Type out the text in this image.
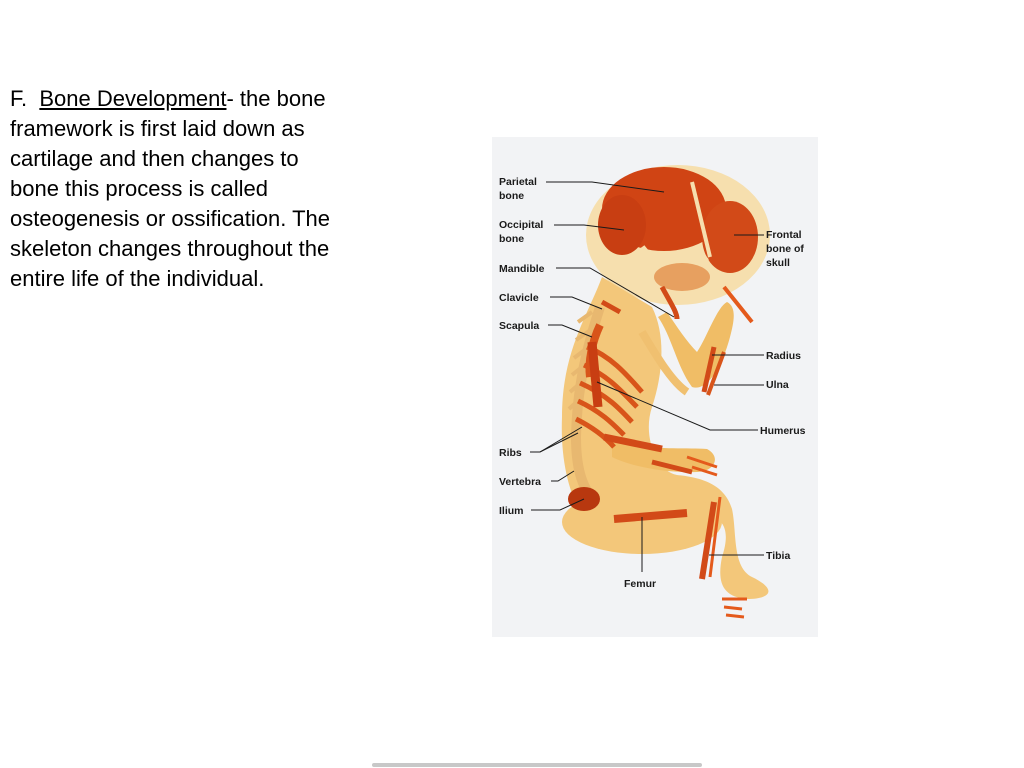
F. Bone Development- the bone framework is first laid down as cartilage and then changes to bone this process is called osteogenesis or ossification. The skeleton changes throughout the entire life of the individual.
Parietal
bone
Occipital
bone
Mandible
Clavicle
Scapula
Ribs
Vertebra
Ilium
Femur
Frontal
bone of
skull
Radius
Ulna
Humerus
Tibia
